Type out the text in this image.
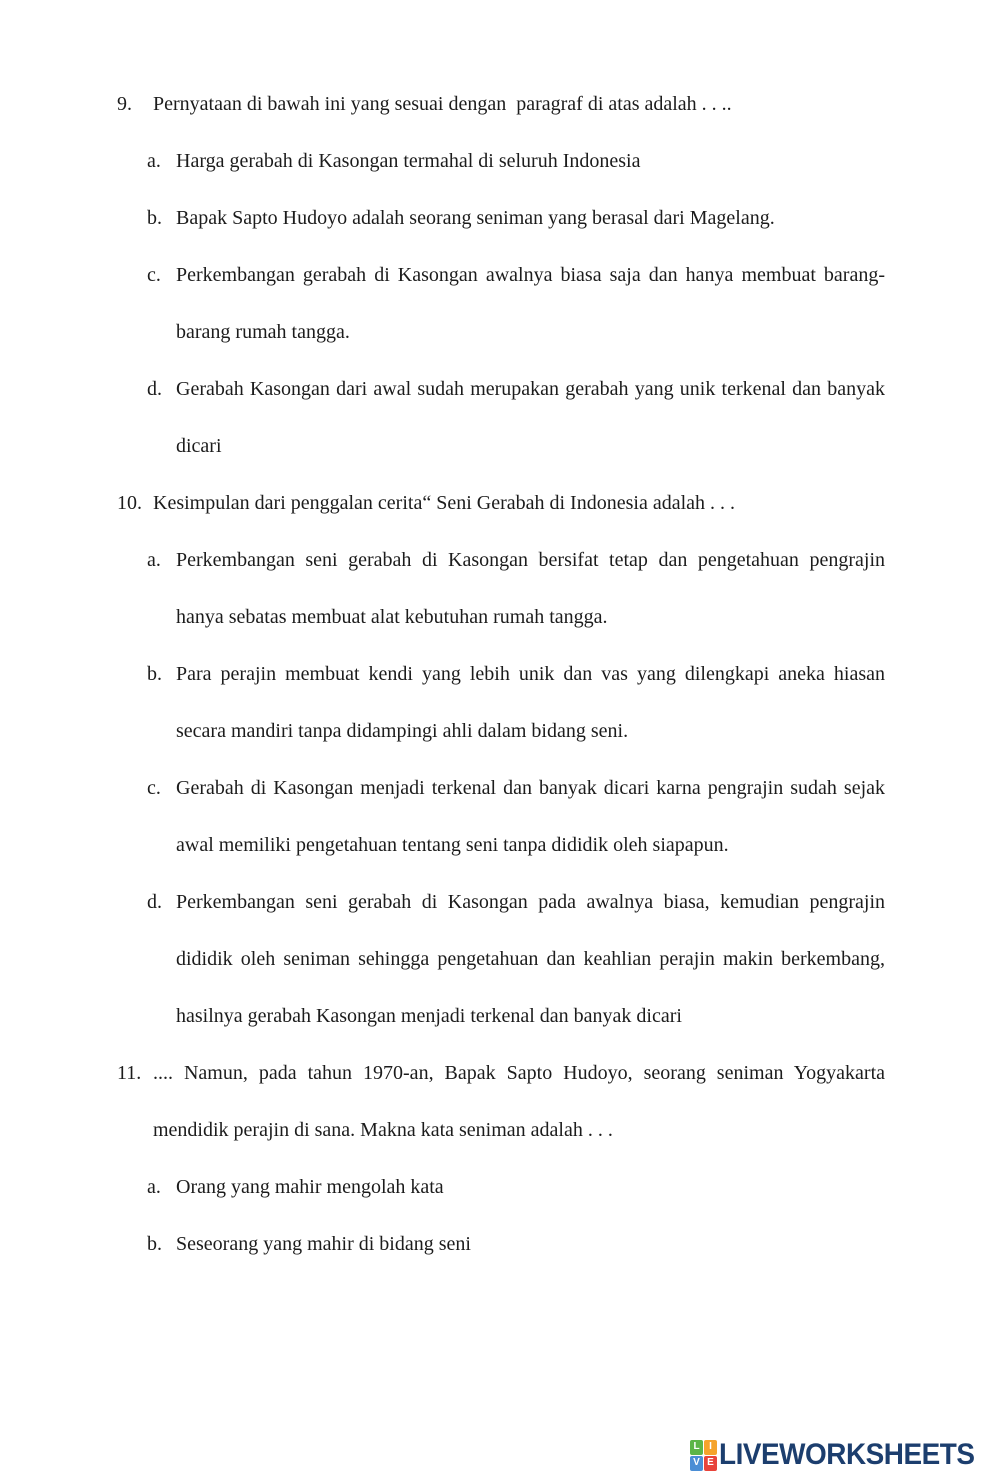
9.	Pernyataan di bawah ini yang sesuai dengan  paragraf di atas adalah . . ..
a. Harga gerabah di Kasongan termahal di seluruh Indonesia
b. Bapak Sapto Hudoyo adalah seorang seniman yang berasal dari Magelang.
c. Perkembangan gerabah di Kasongan awalnya biasa saja dan hanya membuat barang-barang rumah tangga.
d. Gerabah Kasongan dari awal sudah merupakan gerabah yang unik terkenal dan banyak dicari
10. Kesimpulan dari penggalan cerita“ Seni Gerabah di Indonesia adalah . . .
a. Perkembangan seni gerabah di Kasongan bersifat tetap dan pengetahuan pengrajin hanya sebatas membuat alat kebutuhan rumah tangga.
b. Para perajin membuat kendi yang lebih unik dan vas yang dilengkapi aneka hiasan secara mandiri tanpa didampingi ahli dalam bidang seni.
c. Gerabah di Kasongan menjadi terkenal dan banyak dicari karna pengrajin sudah sejak awal memiliki pengetahuan tentang seni tanpa dididik oleh siapapun.
d. Perkembangan seni gerabah di Kasongan pada awalnya biasa, kemudian pengrajin dididik oleh seniman sehingga pengetahuan dan keahlian perajin makin berkembang, hasilnya gerabah Kasongan menjadi terkenal dan banyak dicari
11. .... Namun, pada tahun 1970-an, Bapak Sapto Hudoyo, seorang seniman Yogyakarta mendidik perajin di sana. Makna kata seniman adalah . . .
a. Orang yang mahir mengolah kata
b. Seseorang yang mahir di bidang seni
L I
V E LIVEWORKSHEETS
